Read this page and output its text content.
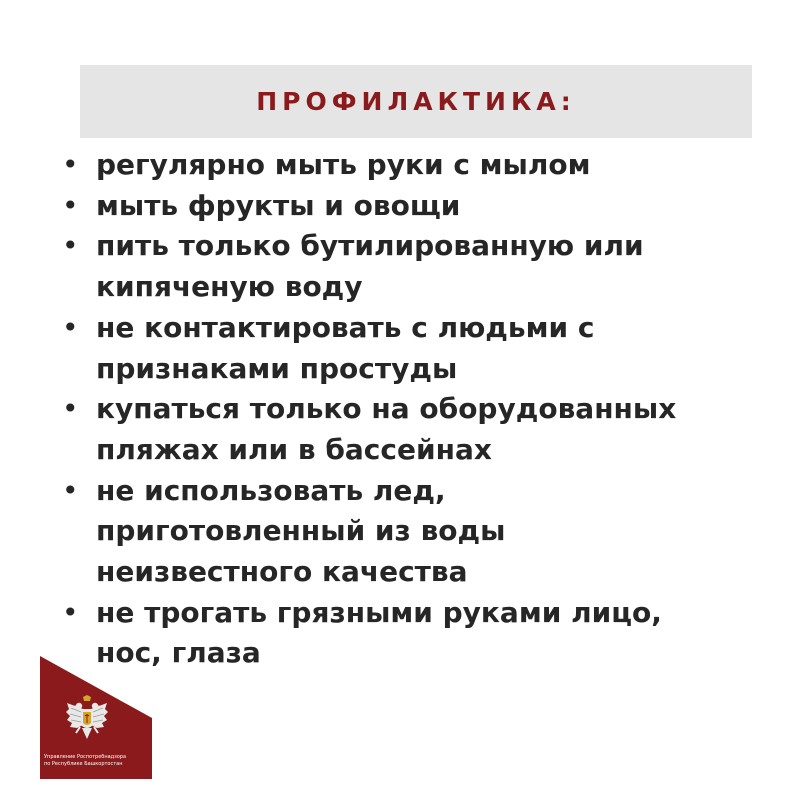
ПРОФИЛАКТИКА:
• регулярно мыть руки с мылом
• мыть фрукты и овощи
• пить только бутилированную или
кипяченую воду
• не контактировать с людьми с
признаками простуды
• купаться только на оборудованных
пляжах или в бассейнах
• не использовать лед,
приготовленный из воды
неизвестного качества
• не трогать грязными руками лицо,
нос, глаза
Управление Роспотребнадзора
по Республике Башкортостан
